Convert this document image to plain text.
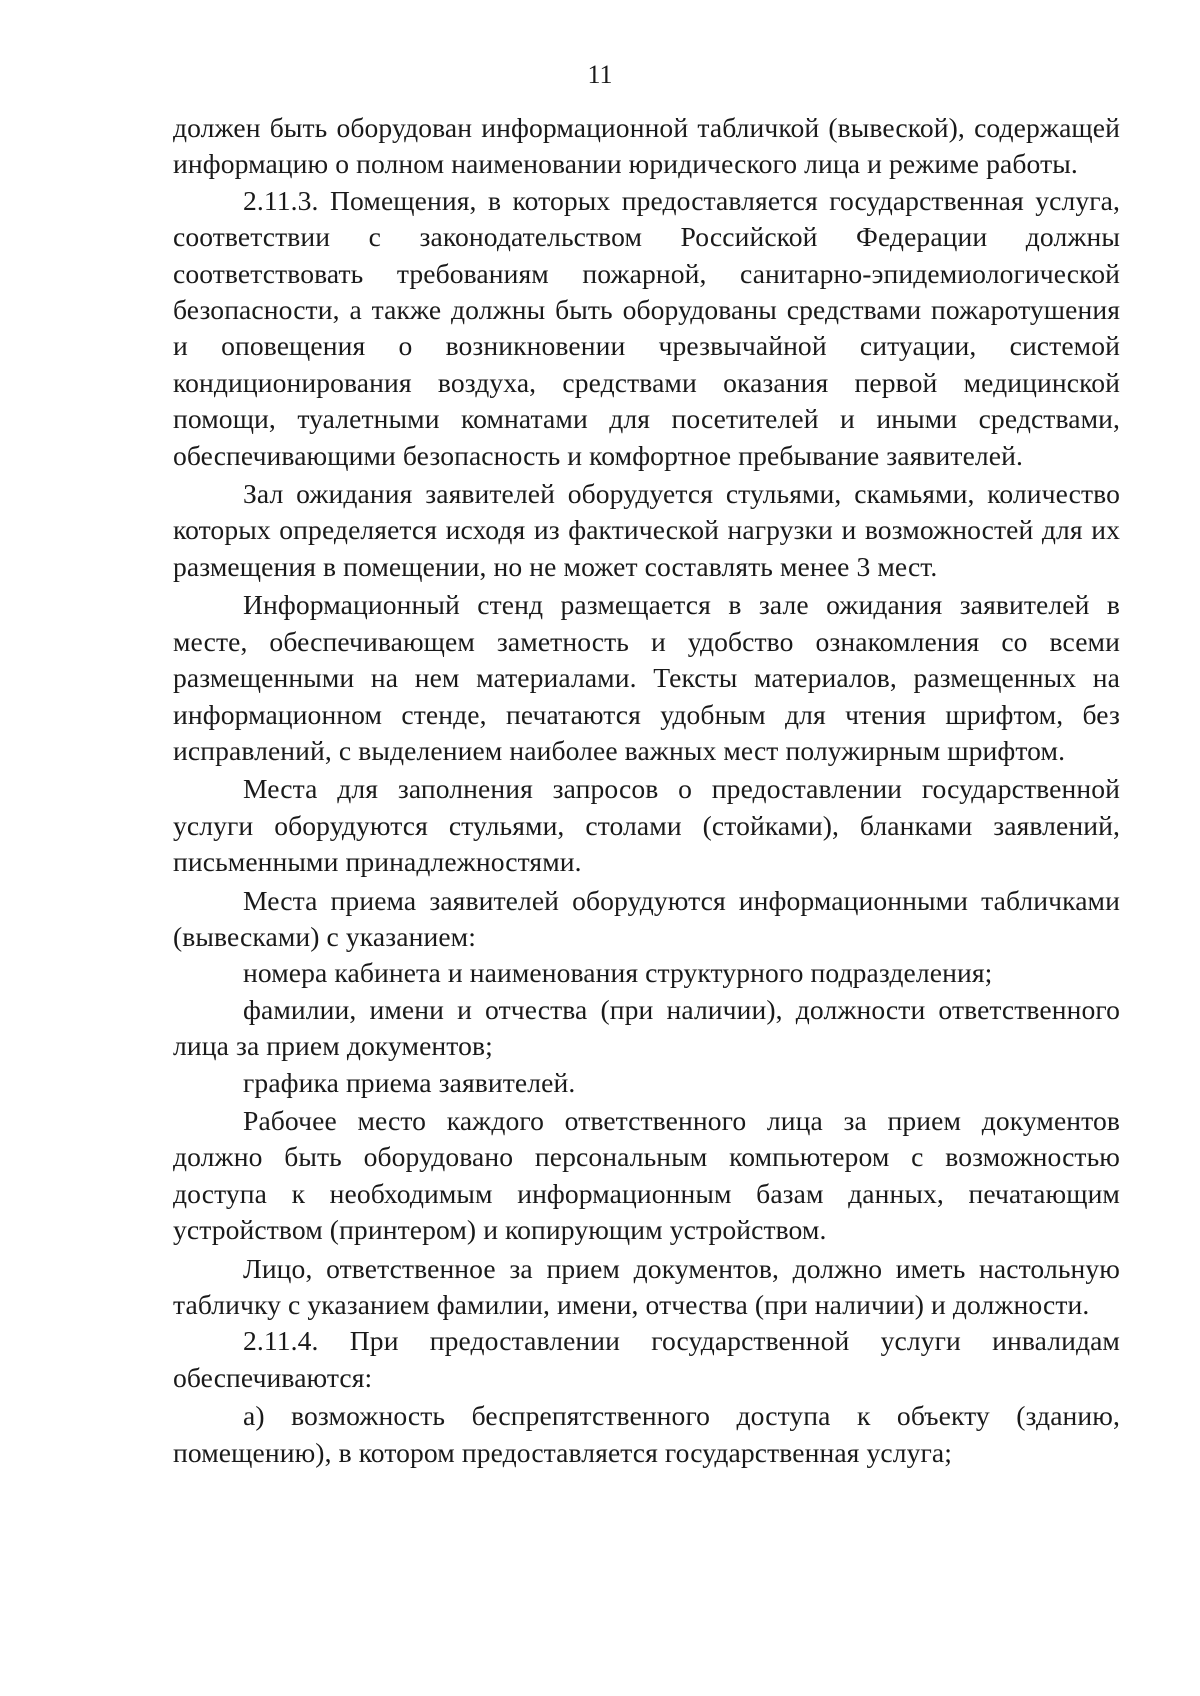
11

должен быть оборудован информационной табличкой (вывеской), содержащей информацию о полном наименовании юридического лица и режиме работы.

2.11.3. Помещения, в которых предоставляется государственная услуга, соответствии с законодательством Российской Федерации должны соответствовать требованиям пожарной, санитарно-эпидемиологической безопасности, а также должны быть оборудованы средствами пожаротушения и оповещения о возникновении чрезвычайной ситуации, системой кондиционирования воздуха, средствами оказания первой медицинской помощи, туалетными комнатами для посетителей и иными средствами, обеспечивающими безопасность и комфортное пребывание заявителей.

Зал ожидания заявителей оборудуется стульями, скамьями, количество которых определяется исходя из фактической нагрузки и возможностей для их размещения в помещении, но не может составлять менее 3 мест.

Информационный стенд размещается в зале ожидания заявителей в месте, обеспечивающем заметность и удобство ознакомления со всеми размещенными на нем материалами. Тексты материалов, размещенных на информационном стенде, печатаются удобным для чтения шрифтом, без исправлений, с выделением наиболее важных мест полужирным шрифтом.

Места для заполнения запросов о предоставлении государственной услуги оборудуются стульями, столами (стойками), бланками заявлений, письменными принадлежностями.

Места приема заявителей оборудуются информационными табличками (вывесками) с указанием:

номера кабинета и наименования структурного подразделения;

фамилии, имени и отчества (при наличии), должности ответственного лица за прием документов;

графика приема заявителей.

Рабочее место каждого ответственного лица за прием документов должно быть оборудовано персональным компьютером с возможностью доступа к необходимым информационным базам данных, печатающим устройством (принтером) и копирующим устройством.

Лицо, ответственное за прием документов, должно иметь настольную табличку с указанием фамилии, имени, отчества (при наличии) и должности.

2.11.4. При предоставлении государственной услуги инвалидам обеспечиваются:

а) возможность беспрепятственного доступа к объекту (зданию, помещению), в котором предоставляется государственная услуга;
